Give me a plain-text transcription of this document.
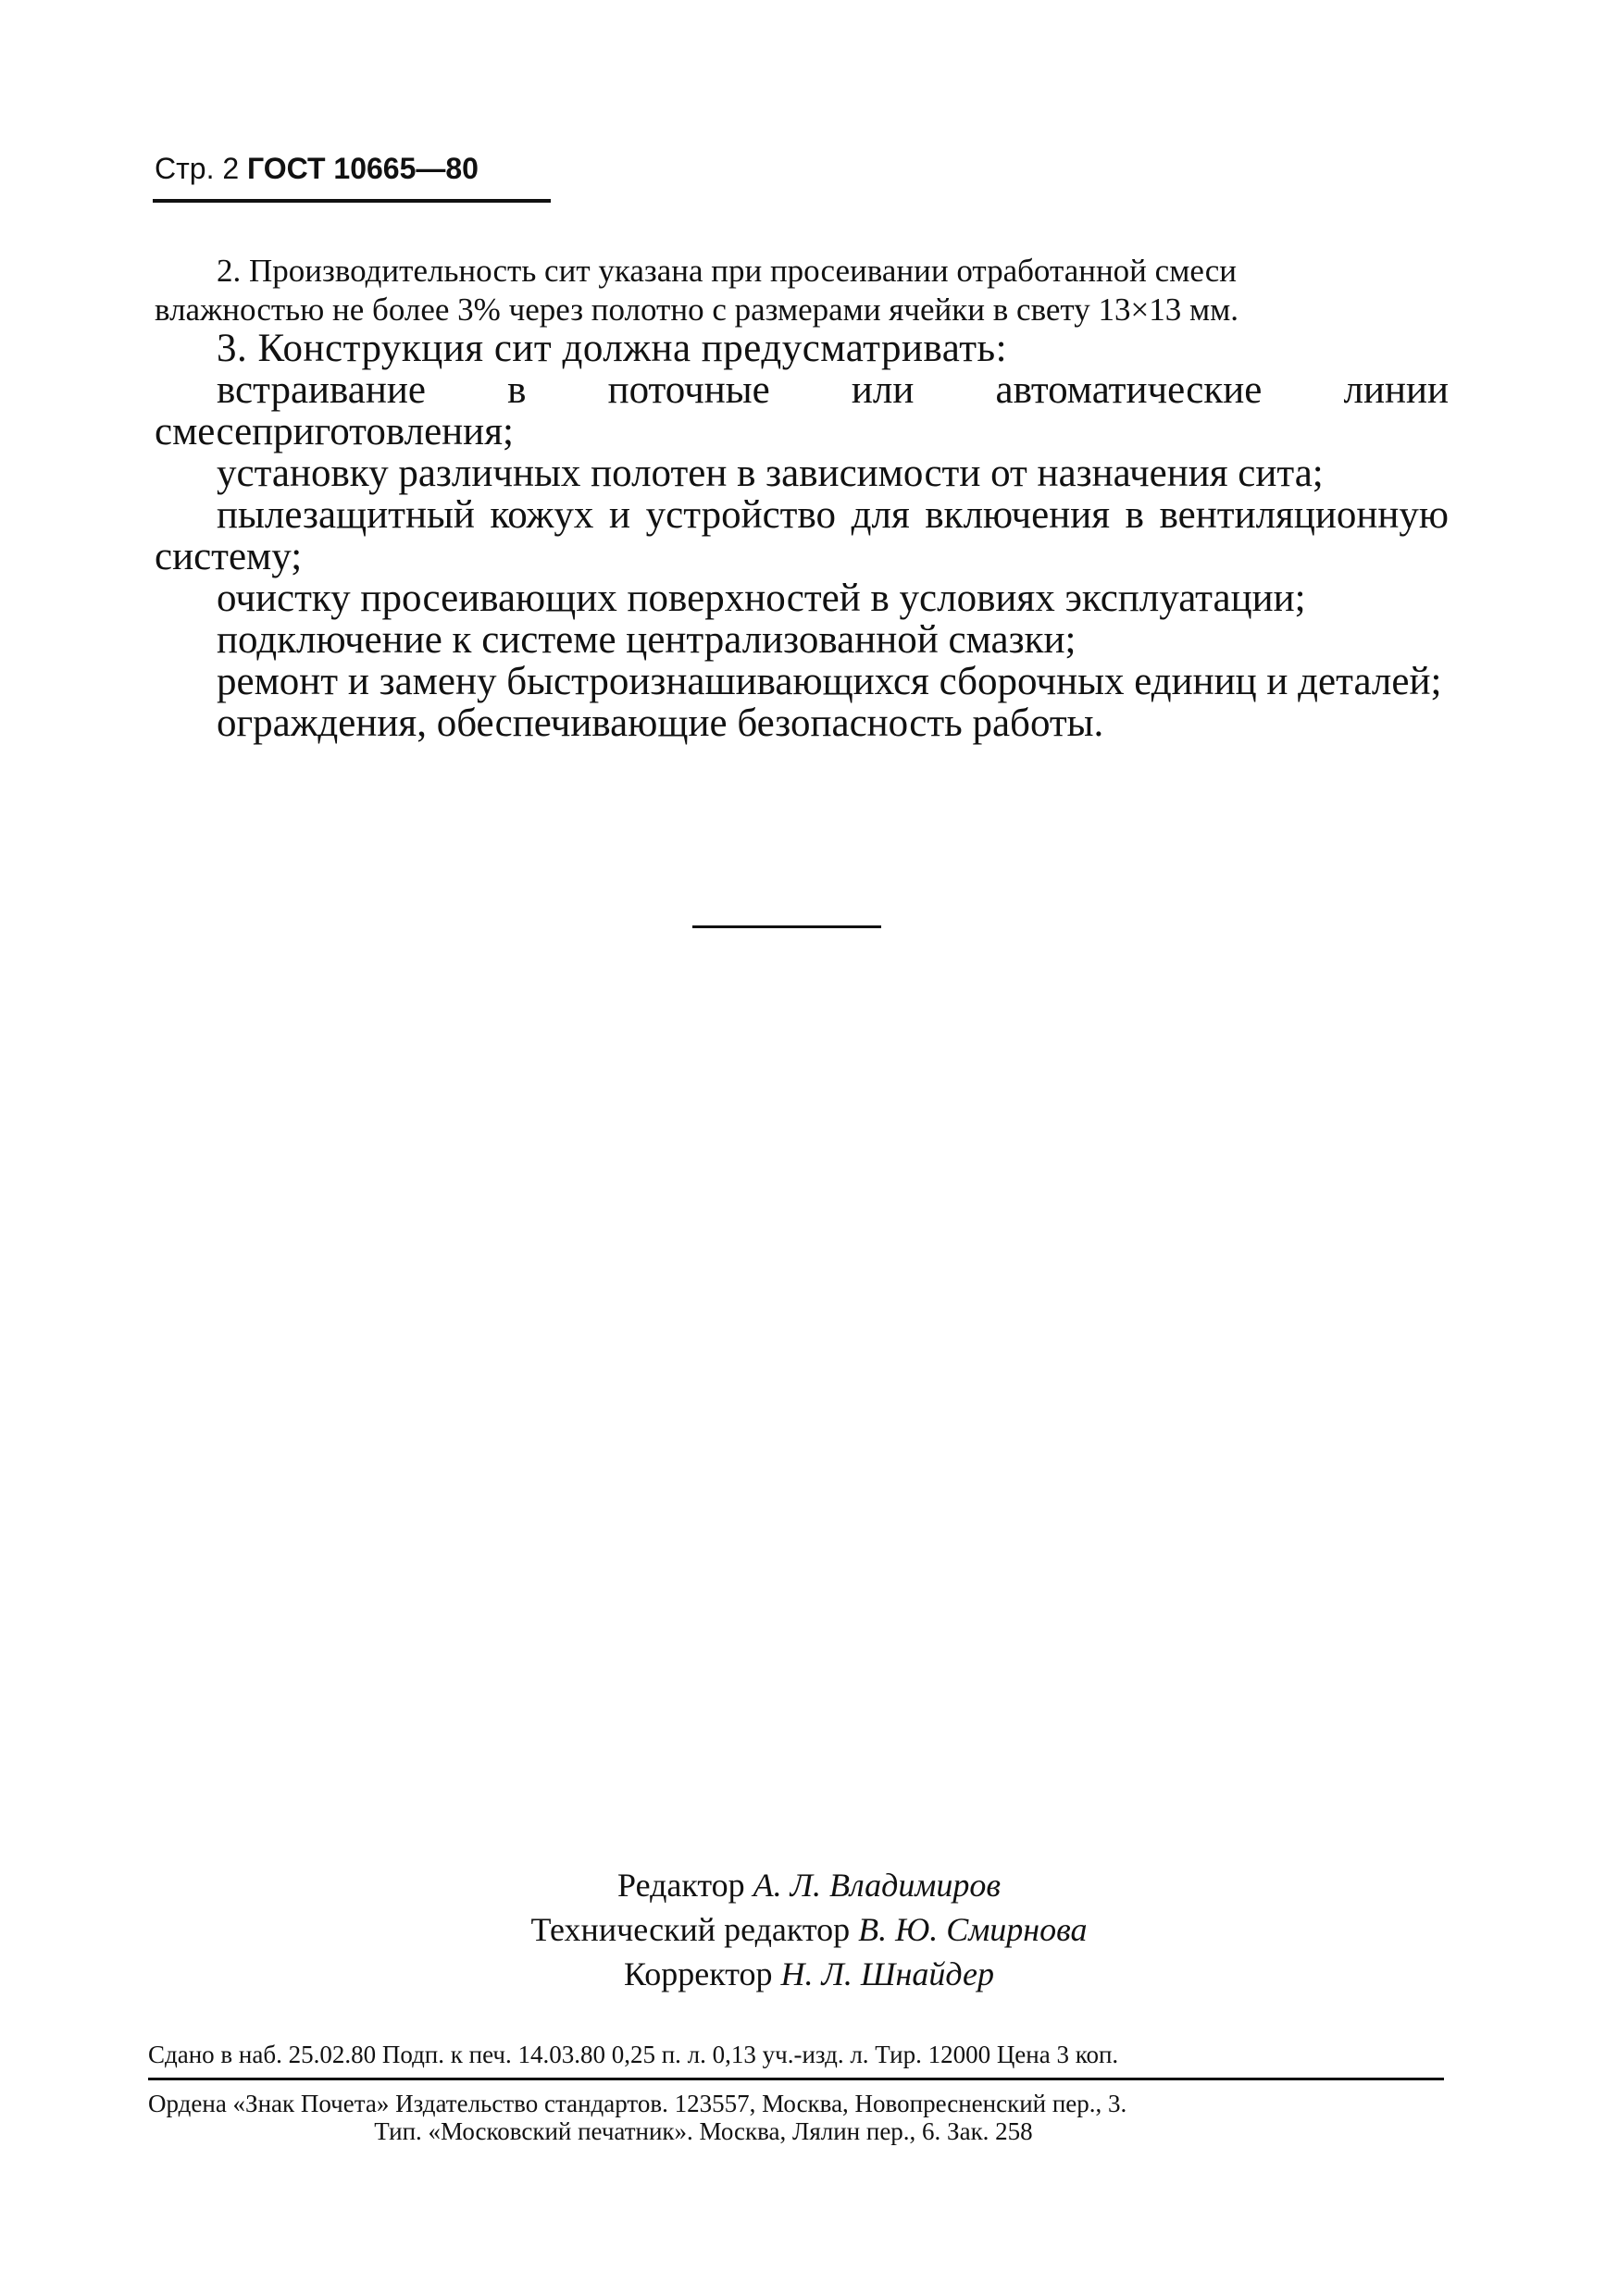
Стр. 2 ГОСТ 10665—80

2. Производительность сит указана при просеивании отработанной смеси

влажностью не более 3% через полотно с размерами ячейки в свету 13×13 мм.

3. Конструкция сит должна предусматривать:

встраивание в поточные или автоматические линии смесеприготовления;

установку различных полотен в зависимости от назначения сита;

пылезащитный кожух и устройство для включения в вентиляционную систему;

очистку просеивающих поверхностей в условиях эксплуатации;

подключение к системе централизованной смазки;

ремонт и замену быстроизнашивающихся сборочных единиц и деталей;

ограждения, обеспечивающие безопасность работы.

Редактор А. Л. Владимиров

Технический редактор В. Ю. Смирнова

Корректор Н. Л. Шнайдер

Сдано в наб. 25.02.80 Подп. к печ. 14.03.80 0,25 п. л. 0,13 уч.-изд. л. Тир. 12000 Цена 3 коп.

Ордена «Знак Почета» Издательство стандартов. 123557, Москва, Новопресненский пер., 3.

Тип. «Московский печатник». Москва, Лялин пер., 6. Зак. 258
